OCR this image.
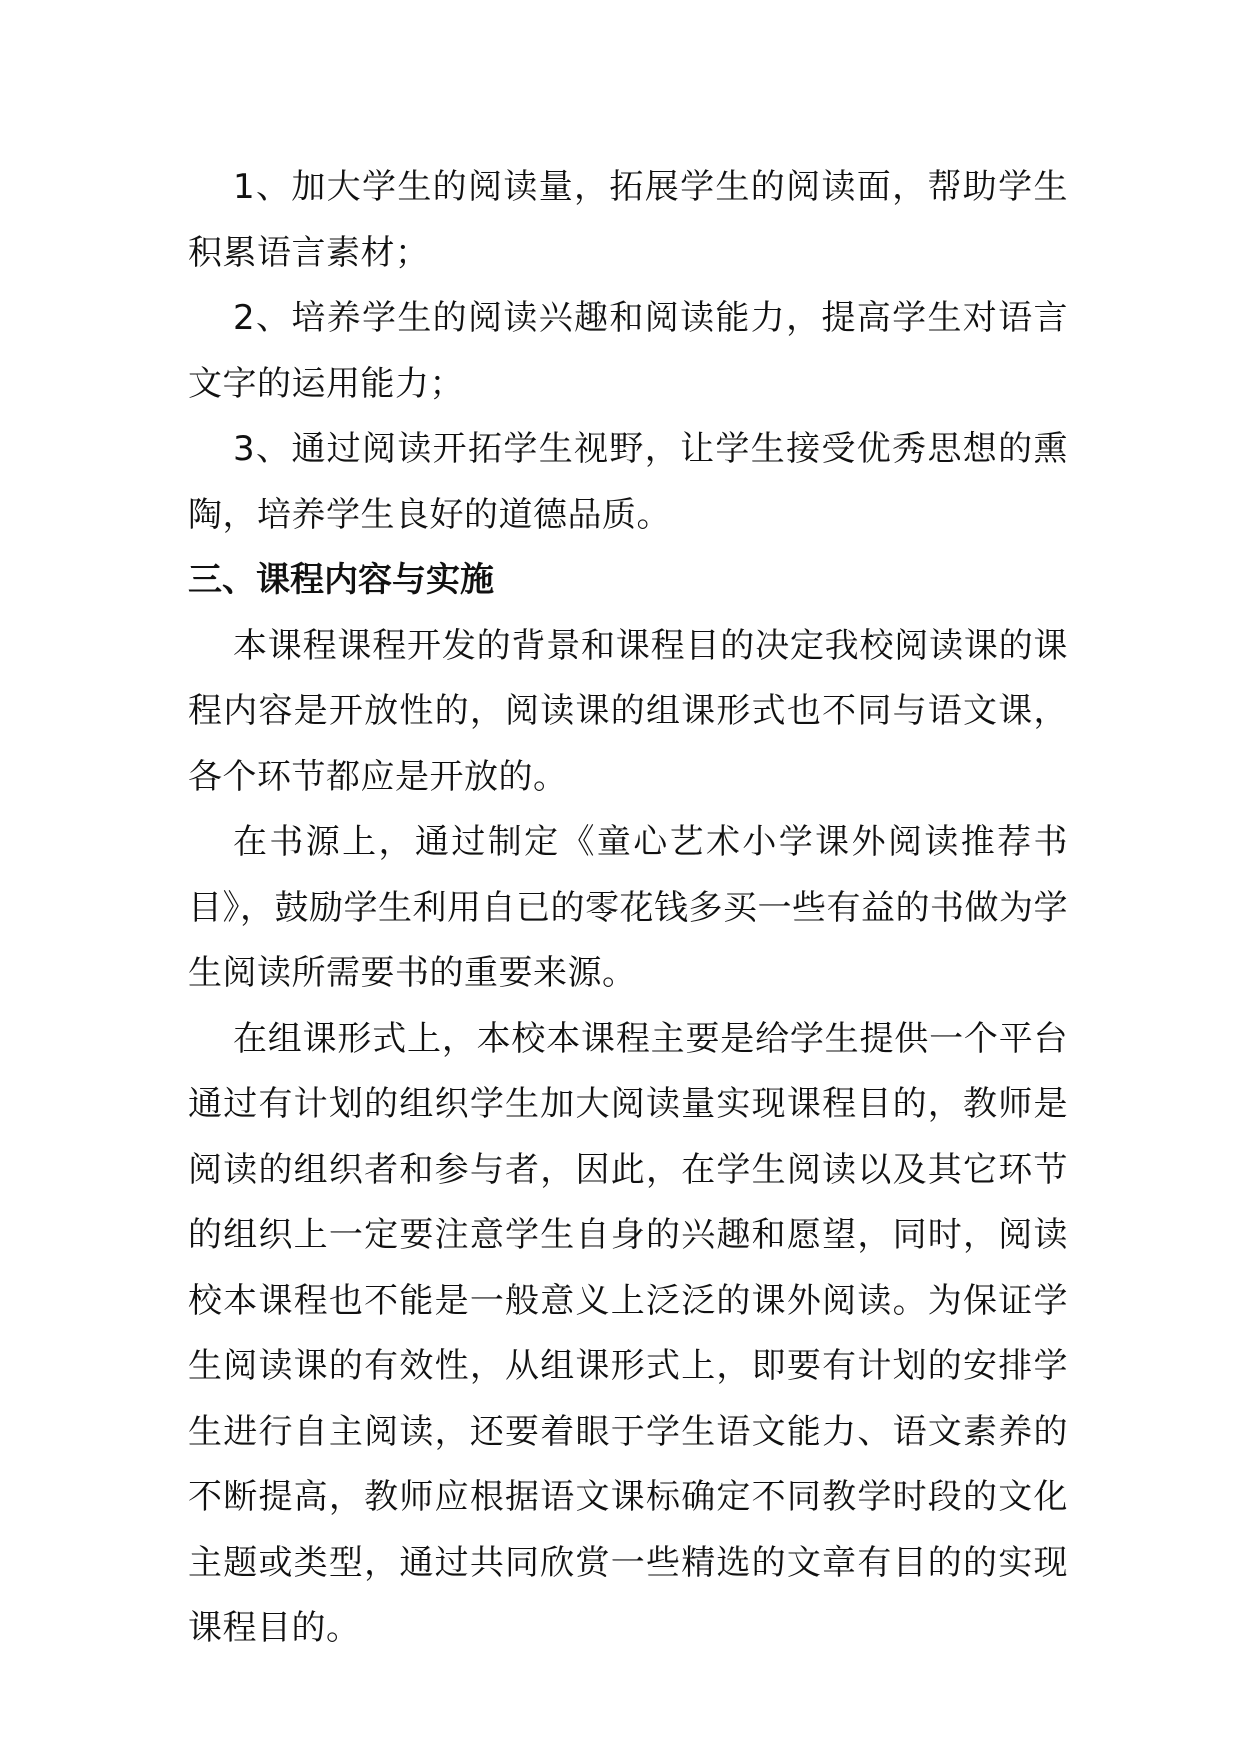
1、加大学生的阅读量，拓展学生的阅读面，帮助学生积累语言素材；

2、培养学生的阅读兴趣和阅读能力，提高学生对语言文字的运用能力；

3、通过阅读开拓学生视野，让学生接受优秀思想的熏陶，培养学生良好的道德品质。

三、课程内容与实施

本课程课程开发的背景和课程目的决定我校阅读课的课程内容是开放性的，阅读课的组课形式也不同与语文课，各个环节都应是开放的。

在书源上，通过制定《童心艺术小学课外阅读推荐书目》，鼓励学生利用自已的零花钱多买一些有益的书做为学生阅读所需要书的重要来源。

在组课形式上，本校本课程主要是给学生提供一个平台通过有计划的组织学生加大阅读量实现课程目的，教师是阅读的组织者和参与者，因此，在学生阅读以及其它环节的组织上一定要注意学生自身的兴趣和愿望，同时，阅读校本课程也不能是一般意义上泛泛的课外阅读。为保证学生阅读课的有效性，从组课形式上，即要有计划的安排学生进行自主阅读，还要着眼于学生语文能力、语文素养的不断提高，教师应根据语文课标确定不同教学时段的文化主题或类型，通过共同欣赏一些精选的文章有目的的实现课程目的。
